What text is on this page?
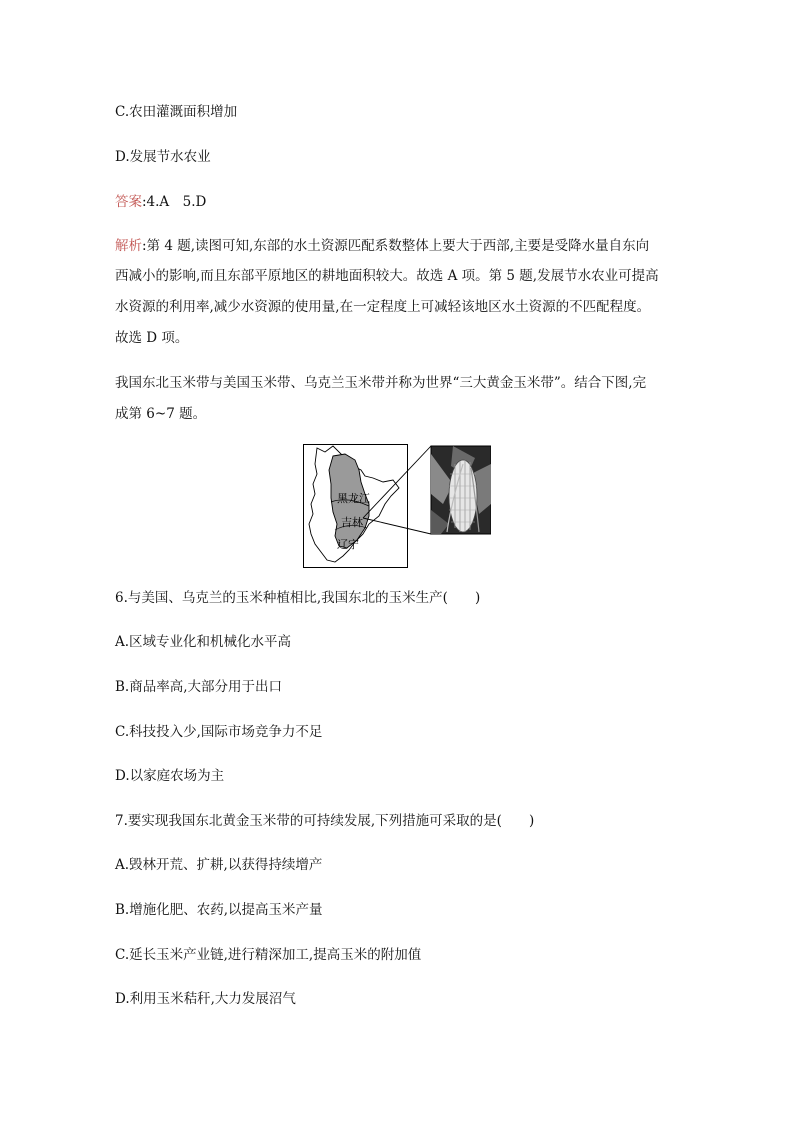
C.农田灌溉面积增加
D.发展节水农业
答案:4.A　5.D
解析:第 4 题,读图可知,东部的水土资源匹配系数整体上要大于西部,主要是受降水量自东向
西减小的影响,而且东部平原地区的耕地面积较大。故选 A 项。第 5 题,发展节水农业可提高
水资源的利用率,减少水资源的使用量,在一定程度上可减轻该地区水土资源的不匹配程度。
故选 D 项。
我国东北玉米带与美国玉米带、乌克兰玉米带并称为世界“三大黄金玉米带”。结合下图,完
成第 6~7 题。
黑龙江
吉林
辽宁
6.与美国、乌克兰的玉米种植相比,我国东北的玉米生产(　　)
A.区域专业化和机械化水平高
B.商品率高,大部分用于出口
C.科技投入少,国际市场竞争力不足
D.以家庭农场为主
7.要实现我国东北黄金玉米带的可持续发展,下列措施可采取的是(　　)
A.毁林开荒、扩耕,以获得持续增产
B.增施化肥、农药,以提高玉米产量
C.延长玉米产业链,进行精深加工,提高玉米的附加值
D.利用玉米秸秆,大力发展沼气
